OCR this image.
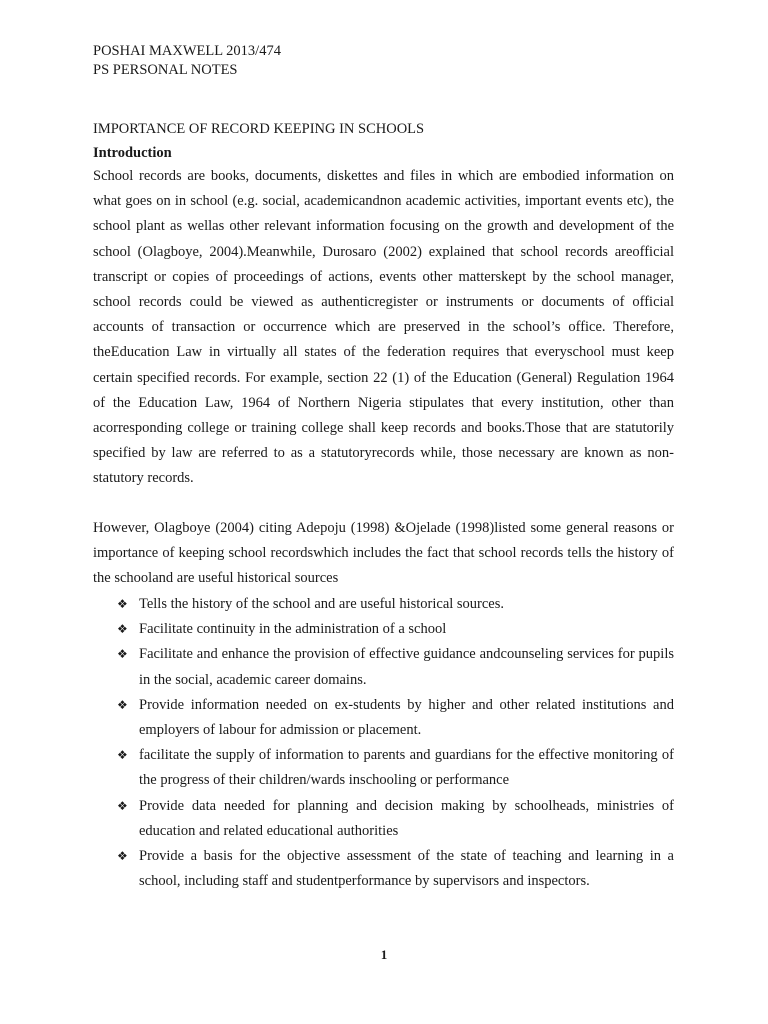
POSHAI MAXWELL 2013/474
PS PERSONAL NOTES
IMPORTANCE OF RECORD KEEPING IN SCHOOLS
Introduction

School records are books, documents, diskettes and files in which are embodied information on what goes on in school (e.g. social, academicandnon academic activities, important events etc), the school plant as wellas other relevant information focusing on the growth and development of the school (Olagboye, 2004).Meanwhile, Durosaro (2002) explained that school records areofficial transcript or copies of proceedings of actions, events other matterskept by the school manager, school records could be viewed as authenticregister or instruments or documents of official accounts of transaction or occurrence which are preserved in the school’s office. Therefore, theEducation Law in virtually all states of the federation requires that everyschool must keep certain specified records. For example, section 22 (1) of the Education (General) Regulation 1964 of the Education Law, 1964 of Northern Nigeria stipulates that every institution, other than acorresponding college or training college shall keep records and books.Those that are statutorily specified by law are referred to as a statutoryrecords while, those necessary are known as non-statutory records.

However, Olagboye (2004) citing Adepoju (1998) &Ojelade (1998)listed some general reasons or importance of keeping school recordswhich includes the fact that school records tells the history of the schooland are useful historical sources

❖ Tells the history of the school and are useful historical sources.
❖ Facilitate continuity in the administration of a school
❖ Facilitate and enhance the provision of effective guidance andcounseling services for pupils in the social, academic career domains.
❖ Provide information needed on ex-students by higher and other related institutions and employers of labour for admission or placement.
❖ facilitate the supply of information to parents and guardians for the effective monitoring of the progress of their children/wards inschooling or performance
❖ Provide data needed for planning and decision making by schoolheads, ministries of education and related educational authorities
❖ Provide a basis for the objective assessment of the state of teaching and learning in a school, including staff and studentperformance by supervisors and inspectors.
1
